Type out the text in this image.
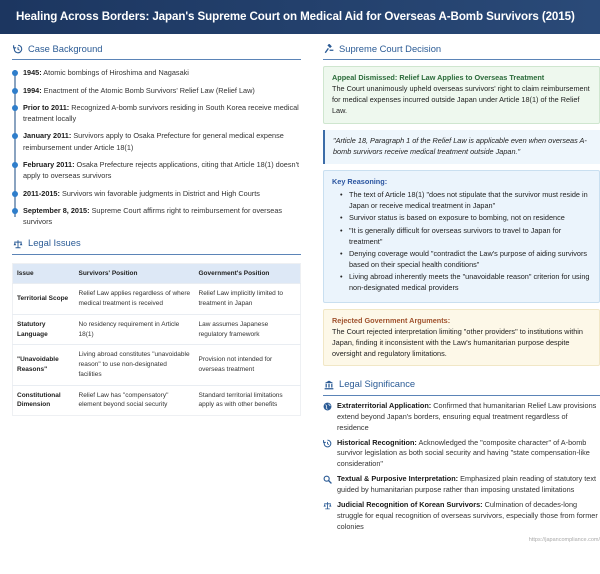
Healing Across Borders: Japan's Supreme Court on Medical Aid for Overseas A-Bomb Survivors (2015)
Case Background
1945: Atomic bombings of Hiroshima and Nagasaki
1994: Enactment of the Atomic Bomb Survivors' Relief Law (Relief Law)
Prior to 2011: Recognized A-bomb survivors residing in South Korea receive medical treatment locally
January 2011: Survivors apply to Osaka Prefecture for general medical expense reimbursement under Article 18(1)
February 2011: Osaka Prefecture rejects applications, citing that Article 18(1) doesn't apply to overseas survivors
2011-2015: Survivors win favorable judgments in District and High Courts
September 8, 2015: Supreme Court affirms right to reimbursement for overseas survivors
Legal Issues
Issue	Survivors' Position	Government's Position
Territorial Scope	Relief Law applies regardless of where medical treatment is received	Relief Law implicitly limited to treatment in Japan
Statutory Language	No residency requirement in Article 18(1)	Law assumes Japanese regulatory framework
"Unavoidable Reasons"	Living abroad constitutes "unavoidable reason" to use non-designated facilities	Provision not intended for overseas treatment
Constitutional Dimension	Relief Law has "compensatory" element beyond social security	Standard territorial limitations apply as with other benefits
Supreme Court Decision
Appeal Dismissed: Relief Law Applies to Overseas Treatment
The Court unanimously upheld overseas survivors' right to claim reimbursement for medical expenses incurred outside Japan under Article 18(1) of the Relief Law.
"Article 18, Paragraph 1 of the Relief Law is applicable even when overseas A-bomb survivors receive medical treatment outside Japan."
Key Reasoning:
• The text of Article 18(1) "does not stipulate that the survivor must reside in Japan or receive medical treatment in Japan"
• Survivor status is based on exposure to bombing, not on residence
• "It is generally difficult for overseas survivors to travel to Japan for treatment"
• Denying coverage would "contradict the Law's purpose of aiding survivors based on their special health conditions"
• Living abroad inherently meets the "unavoidable reason" criterion for using non-designated medical providers
Rejected Government Arguments:
The Court rejected interpretation limiting "other providers" to institutions within Japan, finding it inconsistent with the Law's humanitarian purpose despite oversight and regulatory limitations.
Legal Significance
Extraterritorial Application: Confirmed that humanitarian Relief Law provisions extend beyond Japan's borders, ensuring equal treatment regardless of residence
Historical Recognition: Acknowledged the "composite character" of A-bomb survivor legislation as both social security and having "state compensation-like consideration"
Textual & Purposive Interpretation: Emphasized plain reading of statutory text guided by humanitarian purpose rather than imposing unstated limitations
Judicial Recognition of Korean Survivors: Culmination of decades-long struggle for equal recognition of overseas survivors, especially those from former colonies
https://japancompliance.com/
